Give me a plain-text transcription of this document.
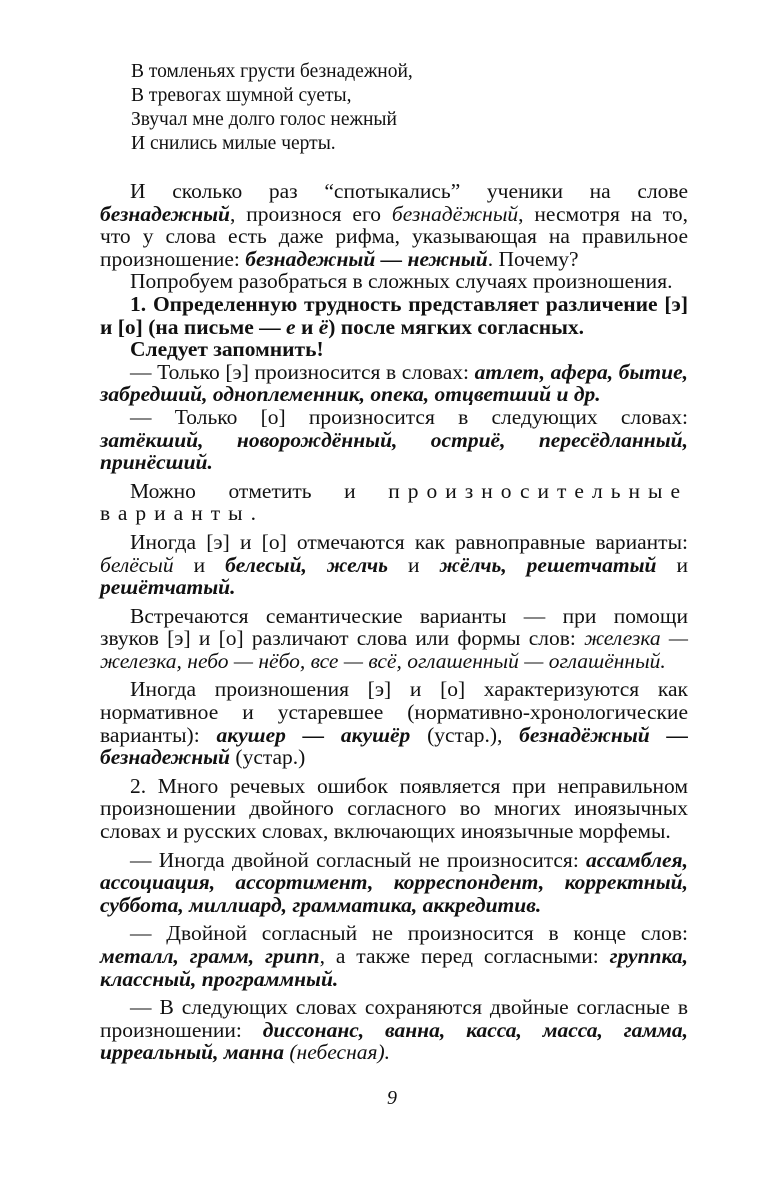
В томленьях грусти безнадежной,
В тревогах шумной суеты,
Звучал мне долго голос нежный
И снились милые черты.

И сколько раз “спотыкались” ученики на слове безнадежный, произнося его безнадёжный, несмотря на то, что у слова есть даже рифма, указывающая на правильное произношение: безнадежный — нежный. Почему?

Попробуем разобраться в сложных случаях произношения.

1. Определенную трудность представляет различение [э] и [о] (на письме — е и ё) после мягких согласных.

Следует запомнить!

— Только [э] произносится в словах: атлет, афера, бытие, забредший, одноплеменник, опека, отцветший и др.

— Только [о] произносится в следующих словах: затёкший, новорождённый, остриё, пересёдланный, принёсший.

Можно отметить и произносительные варианты.

Иногда [э] и [о] отмечаются как равноправные варианты: белёсый и белесый, желчь и жёлчь, решетчатый и решётчатый.

Встречаются семантические варианты — при помощи звуков [э] и [о] различают слова или формы слов: железка — железка, небо — нёбо, все — всё, оглашенный — оглашённый.

Иногда произношения [э] и [о] характеризуются как нормативное и устаревшее (нормативно-хронологические варианты): акушер — акушёр (устар.), безнадёжный — безнадежный (устар.)

2. Много речевых ошибок появляется при неправильном произношении двойного согласного во многих иноязычных словах и русских словах, включающих иноязычные морфемы.

— Иногда двойной согласный не произносится: ассамблея, ассоциация, ассортимент, корреспондент, корректный, суббота, миллиард, грамматика, аккредитив.

— Двойной согласный не произносится в конце слов: металл, грамм, грипп, а также перед согласными: группка, классный, программный.

— В следующих словах сохраняются двойные согласные в произношении: диссонанс, ванна, касса, масса, гамма, ирреальный, манна (небесная).

9
